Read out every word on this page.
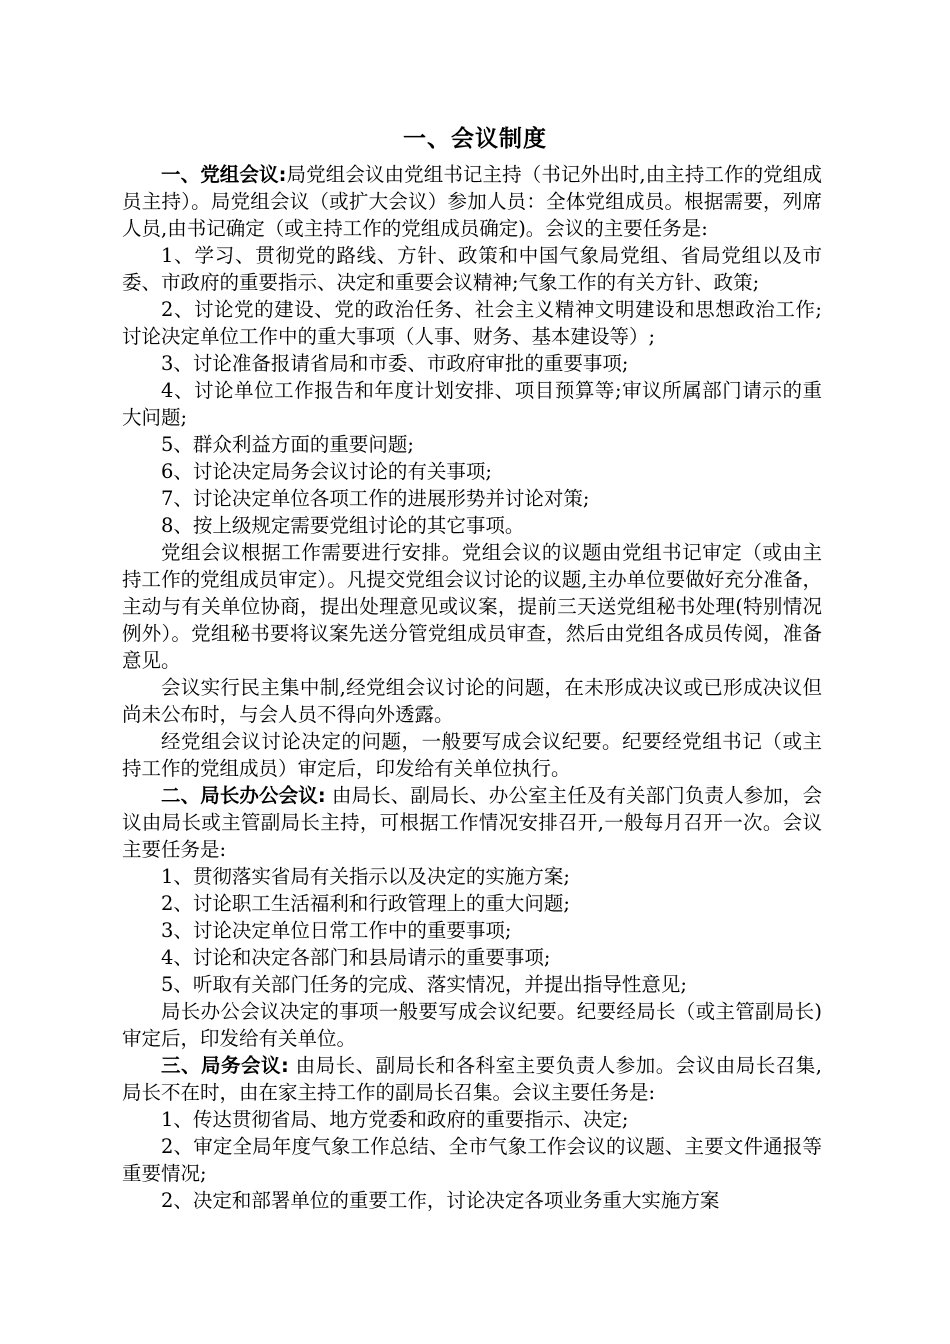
一、会议制度

一、党组会议:局党组会议由党组书记主持（书记外出时,由主持工作的党组成员主持）。局党组会议（或扩大会议）参加人员：全体党组成员。根据需要，列席人员,由书记确定（或主持工作的党组成员确定)。会议的主要任务是:

1、学习、贯彻党的路线、方针、政策和中国气象局党组、省局党组以及市委、市政府的重要指示、决定和重要会议精神;气象工作的有关方针、政策;

2、讨论党的建设、党的政治任务、社会主义精神文明建设和思想政治工作; 讨论决定单位工作中的重大事项（人事、财务、基本建设等）;

3、讨论准备报请省局和市委、市政府审批的重要事项;

4、讨论单位工作报告和年度计划安排、项目预算等;审议所属部门请示的重大问题;

5、群众利益方面的重要问题;

6、讨论决定局务会议讨论的有关事项;

7、讨论决定单位各项工作的进展形势并讨论对策;

8、按上级规定需要党组讨论的其它事项。

党组会议根据工作需要进行安排。党组会议的议题由党组书记审定（或由主持工作的党组成员审定）。凡提交党组会议讨论的议题,主办单位要做好充分准备，主动与有关单位协商，提出处理意见或议案，提前三天送党组秘书处理(特别情况例外）。党组秘书要将议案先送分管党组成员审查，然后由党组各成员传阅，准备意见。

会议实行民主集中制,经党组会议讨论的问题，在未形成决议或已形成决议但尚未公布时，与会人员不得向外透露。

经党组会议讨论决定的问题，一般要写成会议纪要。纪要经党组书记（或主持工作的党组成员）审定后，印发给有关单位执行。

二、局长办公会议: 由局长、副局长、办公室主任及有关部门负责人参加，会议由局长或主管副局长主持，可根据工作情况安排召开,一般每月召开一次。会议主要任务是:

1、贯彻落实省局有关指示以及决定的实施方案;

2、讨论职工生活福利和行政管理上的重大问题;

3、讨论决定单位日常工作中的重要事项;

4、讨论和决定各部门和县局请示的重要事项;

5、听取有关部门任务的完成、落实情况，并提出指导性意见;

局长办公会议决定的事项一般要写成会议纪要。纪要经局长（或主管副局长)审定后，印发给有关单位。

三、局务会议: 由局长、副局长和各科室主要负责人参加。会议由局长召集,局长不在时，由在家主持工作的副局长召集。会议主要任务是:

1、传达贯彻省局、地方党委和政府的重要指示、决定;

2、审定全局年度气象工作总结、全市气象工作会议的议题、主要文件通报等重要情况;

2、决定和部署单位的重要工作，讨论决定各项业务重大实施方案
